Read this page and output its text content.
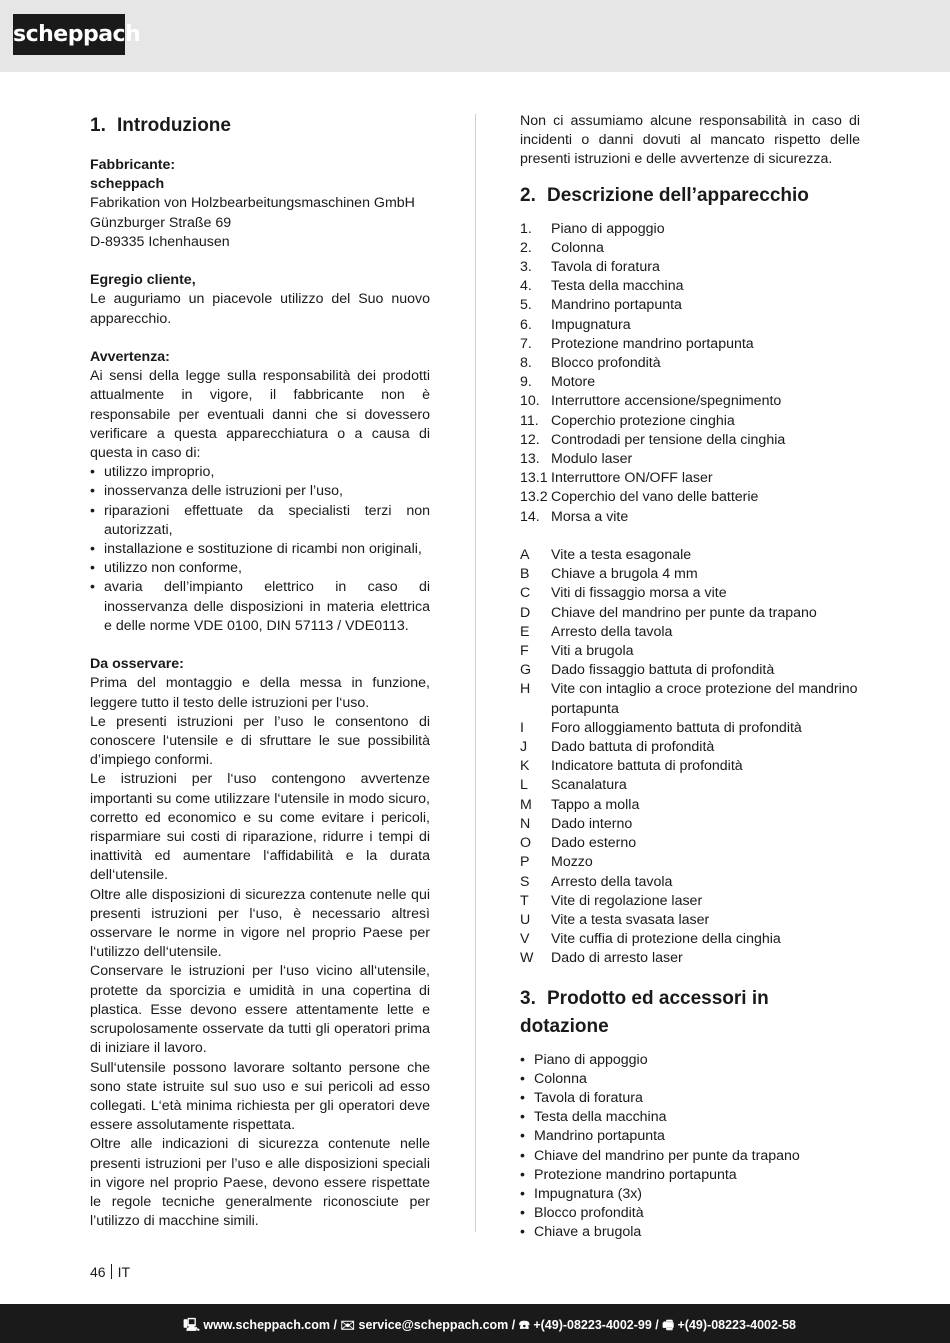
scheppach
1. Introduzione

Fabbricante:

scheppach

Fabrikation von Holzbearbeitungsmaschinen GmbH

Günzburger Straße 69

D-89335 Ichenhausen

Egregio cliente,

Le auguriamo un piacevole utilizzo del Suo nuovo apparecchio.

Avvertenza:

Ai sensi della legge sulla responsabilità dei prodotti attualmente in vigore, il fabbricante non è responsabile per eventuali danni che si dovessero verificare a questa apparecchiatura o a causa di questa in caso di:

• utilizzo improprio,
• inosservanza delle istruzioni per l’uso,
• riparazioni effettuate da specialisti terzi non autorizzati,
• installazione e sostituzione di ricambi non originali,
• utilizzo non conforme,
• avaria dell’impianto elettrico in caso di inosservanza delle disposizioni in materia elettrica e delle norme VDE 0100, DIN 57113 / VDE0113.

Da osservare:

Prima del montaggio e della messa in funzione, leggere tutto il testo delle istruzioni per l‘uso.

Le presenti istruzioni per l’uso le consentono di conoscere l‘utensile e di sfruttare le sue possibilità d’impiego conformi.

Le istruzioni per l‘uso contengono avvertenze importanti su come utilizzare l‘utensile in modo sicuro, corretto ed economico e su come evitare i pericoli, risparmiare sui costi di riparazione, ridurre i tempi di inattività ed aumentare l‘affidabilità e la durata dell‘utensile.

Oltre alle disposizioni di sicurezza contenute nelle qui presenti istruzioni per l‘uso, è necessario altresì osservare le norme in vigore nel proprio Paese per l‘utilizzo dell‘utensile.

Conservare le istruzioni per l‘uso vicino all‘utensile, protette da sporcizia e umidità in una copertina di plastica. Esse devono essere attentamente lette e scrupolosamente osservate da tutti gli operatori prima di iniziare il lavoro.

Sull‘utensile possono lavorare soltanto persone che sono state istruite sul suo uso e sui pericoli ad esso collegati. L‘età minima richiesta per gli operatori deve essere assolutamente rispettata.

Oltre alle indicazioni di sicurezza contenute nelle presenti istruzioni per l’uso e alle disposizioni speciali in vigore nel proprio Paese, devono essere rispettate le regole tecniche generalmente riconosciute per l’utilizzo di macchine simili.

Non ci assumiamo alcune responsabilità in caso di incidenti o danni dovuti al mancato rispetto delle presenti istruzioni e delle avvertenze di sicurezza.

2. Descrizione dell’apparecchio
1.	Piano di appoggio
2.	Colonna
3.	Tavola di foratura
4.	Testa della macchina
5.	Mandrino portapunta
6.	Impugnatura
7.	Protezione mandrino portapunta
8.	Blocco profondità
9.	Motore
10. Interruttore accensione/spegnimento
11. Coperchio protezione cinghia
12. Controdadi per tensione della cinghia
13. Modulo laser
13.1 Interruttore ON/OFF laser
13.2 Coperchio del vano delle batterie
14. Morsa a vite
A	Vite a testa esagonale
B	Chiave a brugola 4 mm
C	Viti di fissaggio morsa a vite
D	Chiave del mandrino per punte da trapano
E	Arresto della tavola
F	Viti a brugola
G	Dado fissaggio battuta di profondità
H	Vite con intaglio a croce protezione del mandrino portapunta
I	Foro alloggiamento battuta di profondità
J	Dado battuta di profondità
K	Indicatore battuta di profondità
L	Scanalatura
M	Tappo a molla
N	Dado interno
O	Dado esterno
P	Mozzo
S	Arresto della tavola
T	Vite di regolazione laser
U	Vite a testa svasata laser
V	Vite cuffia di protezione della cinghia
W	Dado di arresto laser
3. Prodotto ed accessori in dotazione
• Piano di appoggio
• Colonna
• Tavola di foratura
• Testa della macchina
• Mandrino portapunta
• Chiave del mandrino per punte da trapano
• Protezione mandrino portapunta
• Impugnatura (3x)
• Blocco profondità
• Chiave a brugola
46 IT
🖳 www.scheppach.com / ✉ service@scheppach.com / ☎ +(49)-08223-4002-99 / 🖷 +(49)-08223-4002-58
